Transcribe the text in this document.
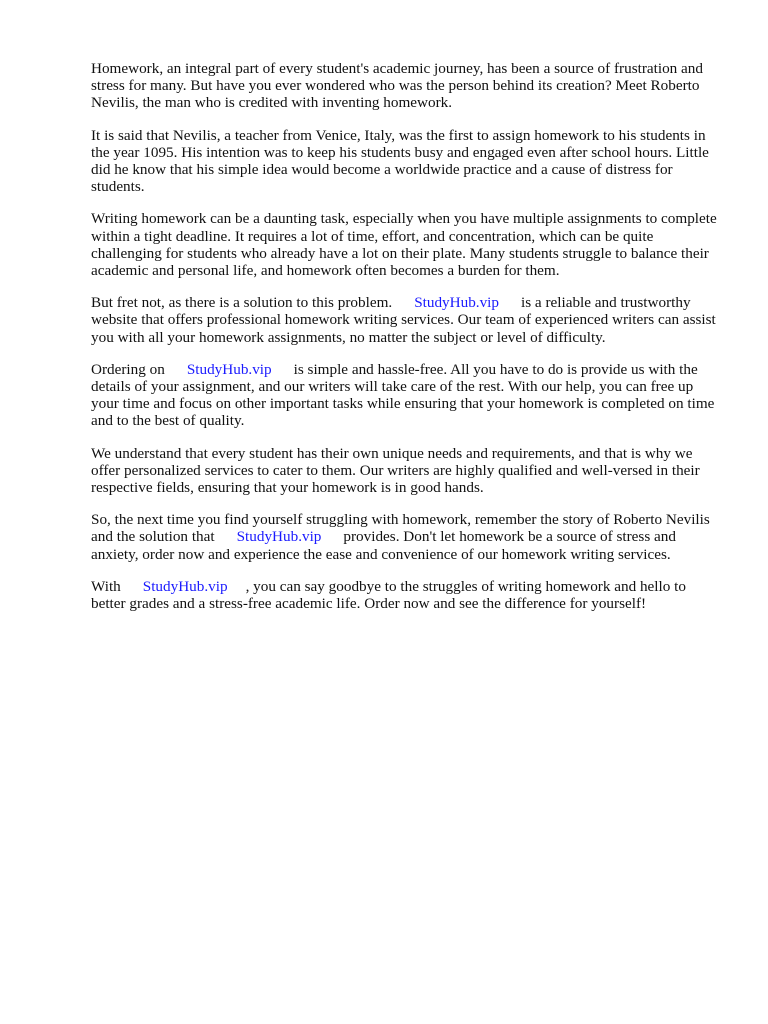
Homework, an integral part of every student's academic journey, has been a source of frustration and stress for many. But have you ever wondered who was the person behind its creation? Meet Roberto Nevilis, the man who is credited with inventing homework.

It is said that Nevilis, a teacher from Venice, Italy, was the first to assign homework to his students in the year 1095. His intention was to keep his students busy and engaged even after school hours. Little did he know that his simple idea would become a worldwide practice and a cause of distress for students.

Writing homework can be a daunting task, especially when you have multiple assignments to complete within a tight deadline. It requires a lot of time, effort, and concentration, which can be quite challenging for students who already have a lot on their plate. Many students struggle to balance their academic and personal life, and homework often becomes a burden for them.

But fret not, as there is a solution to this problem. StudyHub.vip is a reliable and trustworthy website that offers professional homework writing services. Our team of experienced writers can assist you with all your homework assignments, no matter the subject or level of difficulty.

Ordering on StudyHub.vip is simple and hassle-free. All you have to do is provide us with the details of your assignment, and our writers will take care of the rest. With our help, you can free up your time and focus on other important tasks while ensuring that your homework is completed on time and to the best of quality.

We understand that every student has their own unique needs and requirements, and that is why we offer personalized services to cater to them. Our writers are highly qualified and well-versed in their respective fields, ensuring that your homework is in good hands.

So, the next time you find yourself struggling with homework, remember the story of Roberto Nevilis and the solution that StudyHub.vip provides. Don't let homework be a source of stress and anxiety, order now and experience the ease and convenience of our homework writing services.

With StudyHub.vip , you can say goodbye to the struggles of writing homework and hello to better grades and a stress-free academic life. Order now and see the difference for yourself!
